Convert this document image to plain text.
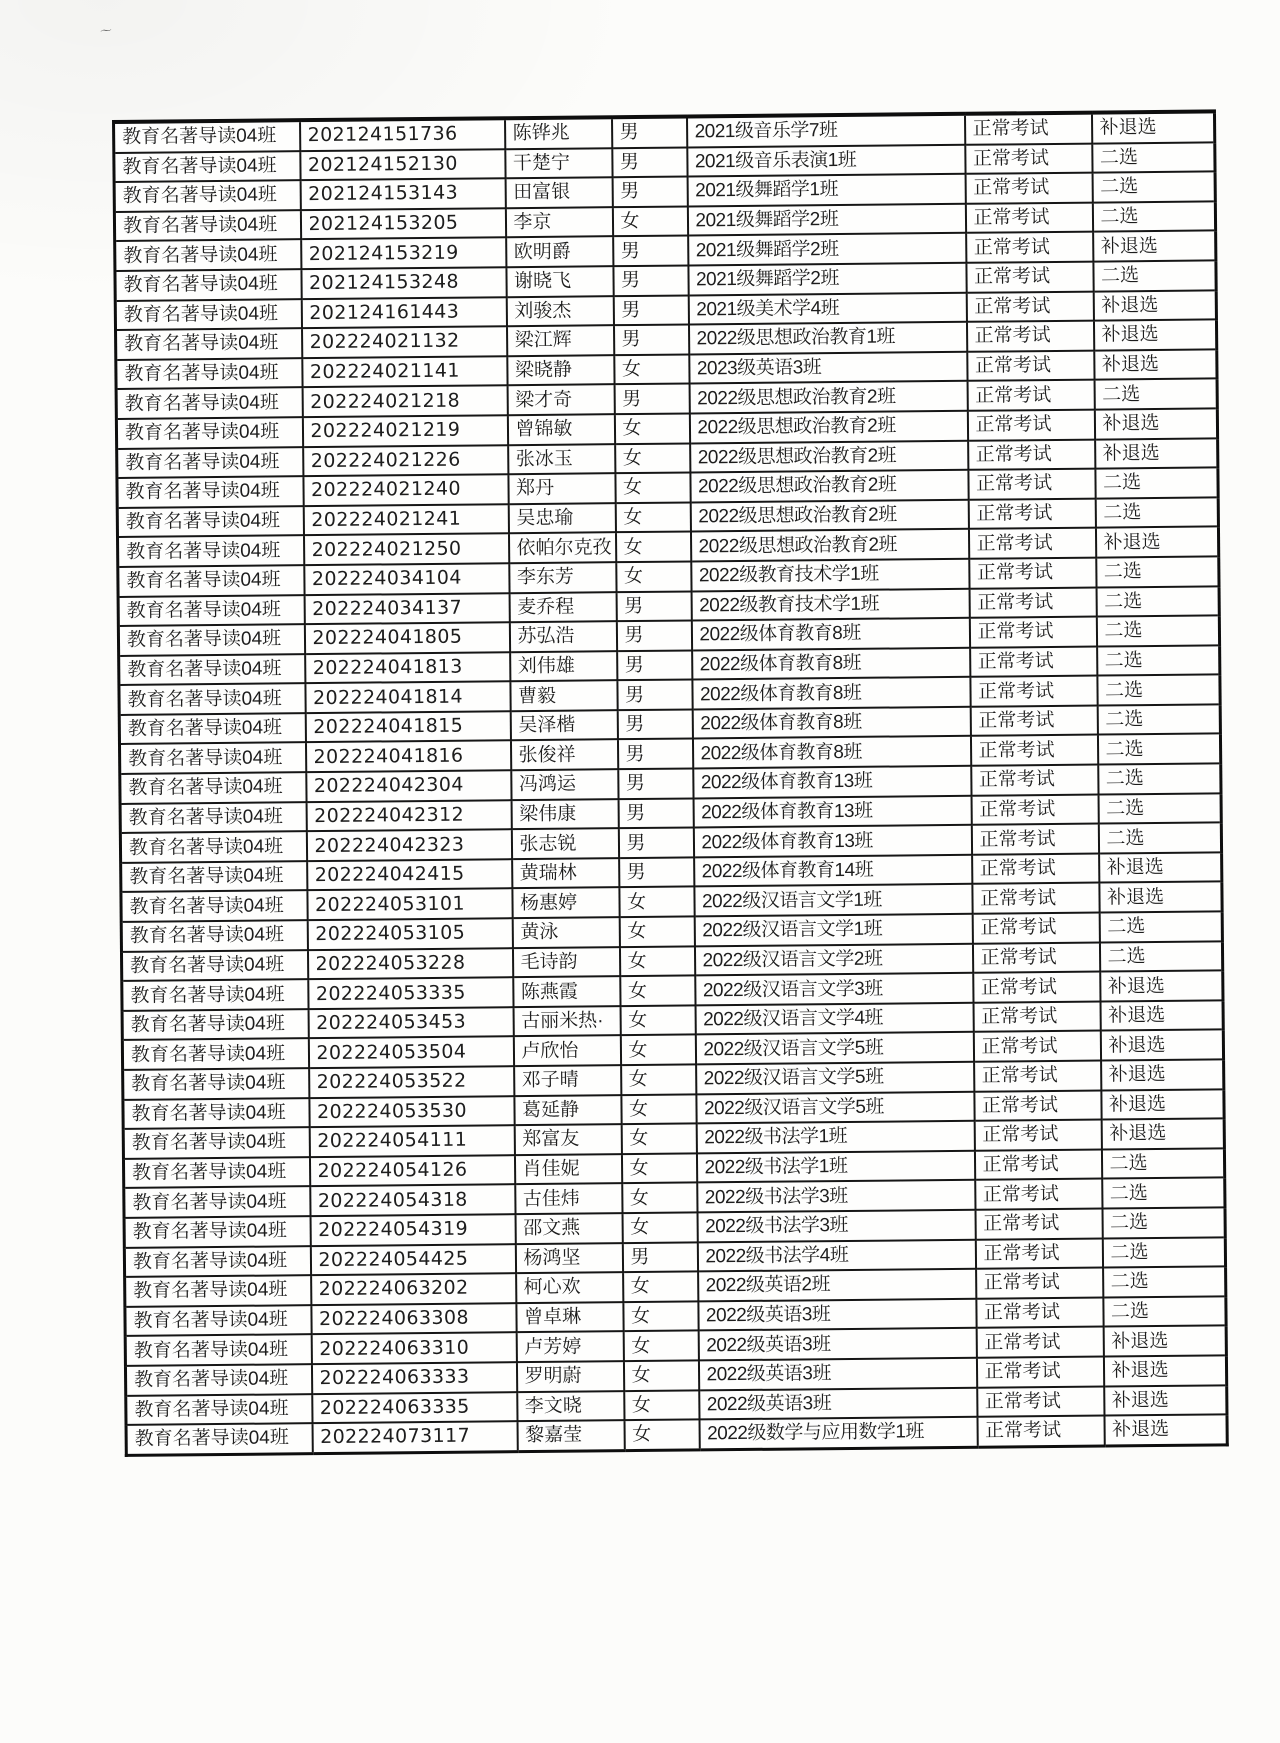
〜
教育名著导读04班	202124151736	陈铧兆	男	2021级音乐学7班	正常考试	补退选
教育名著导读04班	202124152130	干楚宁	男	2021级音乐表演1班	正常考试	二选
教育名著导读04班	202124153143	田富银	男	2021级舞蹈学1班	正常考试	二选
教育名著导读04班	202124153205	李京	女	2021级舞蹈学2班	正常考试	二选
教育名著导读04班	202124153219	欧明爵	男	2021级舞蹈学2班	正常考试	补退选
教育名著导读04班	202124153248	谢晓飞	男	2021级舞蹈学2班	正常考试	二选
教育名著导读04班	202124161443	刘骏杰	男	2021级美术学4班	正常考试	补退选
教育名著导读04班	202224021132	梁江辉	男	2022级思想政治教育1班	正常考试	补退选
教育名著导读04班	202224021141	梁晓静	女	2023级英语3班	正常考试	补退选
教育名著导读04班	202224021218	梁才奇	男	2022级思想政治教育2班	正常考试	二选
教育名著导读04班	202224021219	曾锦敏	女	2022级思想政治教育2班	正常考试	补退选
教育名著导读04班	202224021226	张冰玉	女	2022级思想政治教育2班	正常考试	补退选
教育名著导读04班	202224021240	郑丹	女	2022级思想政治教育2班	正常考试	二选
教育名著导读04班	202224021241	吴忠瑜	女	2022级思想政治教育2班	正常考试	二选
教育名著导读04班	202224021250	依帕尔克孜	女	2022级思想政治教育2班	正常考试	补退选
教育名著导读04班	202224034104	李东芳	女	2022级教育技术学1班	正常考试	二选
教育名著导读04班	202224034137	麦乔程	男	2022级教育技术学1班	正常考试	二选
教育名著导读04班	202224041805	苏弘浩	男	2022级体育教育8班	正常考试	二选
教育名著导读04班	202224041813	刘伟雄	男	2022级体育教育8班	正常考试	二选
教育名著导读04班	202224041814	曹毅	男	2022级体育教育8班	正常考试	二选
教育名著导读04班	202224041815	吴泽楷	男	2022级体育教育8班	正常考试	二选
教育名著导读04班	202224041816	张俊祥	男	2022级体育教育8班	正常考试	二选
教育名著导读04班	202224042304	冯鸿运	男	2022级体育教育13班	正常考试	二选
教育名著导读04班	202224042312	梁伟康	男	2022级体育教育13班	正常考试	二选
教育名著导读04班	202224042323	张志锐	男	2022级体育教育13班	正常考试	二选
教育名著导读04班	202224042415	黄瑞林	男	2022级体育教育14班	正常考试	补退选
教育名著导读04班	202224053101	杨惠婷	女	2022级汉语言文学1班	正常考试	补退选
教育名著导读04班	202224053105	黄泳	女	2022级汉语言文学1班	正常考试	二选
教育名著导读04班	202224053228	毛诗韵	女	2022级汉语言文学2班	正常考试	二选
教育名著导读04班	202224053335	陈燕霞	女	2022级汉语言文学3班	正常考试	补退选
教育名著导读04班	202224053453	古丽米热·	女	2022级汉语言文学4班	正常考试	补退选
教育名著导读04班	202224053504	卢欣怡	女	2022级汉语言文学5班	正常考试	补退选
教育名著导读04班	202224053522	邓子晴	女	2022级汉语言文学5班	正常考试	补退选
教育名著导读04班	202224053530	葛延静	女	2022级汉语言文学5班	正常考试	补退选
教育名著导读04班	202224054111	郑富友	女	2022级书法学1班	正常考试	补退选
教育名著导读04班	202224054126	肖佳妮	女	2022级书法学1班	正常考试	二选
教育名著导读04班	202224054318	古佳炜	女	2022级书法学3班	正常考试	二选
教育名著导读04班	202224054319	邵文燕	女	2022级书法学3班	正常考试	二选
教育名著导读04班	202224054425	杨鸿坚	男	2022级书法学4班	正常考试	二选
教育名著导读04班	202224063202	柯心欢	女	2022级英语2班	正常考试	二选
教育名著导读04班	202224063308	曾卓琳	女	2022级英语3班	正常考试	二选
教育名著导读04班	202224063310	卢芳婷	女	2022级英语3班	正常考试	补退选
教育名著导读04班	202224063333	罗明蔚	女	2022级英语3班	正常考试	补退选
教育名著导读04班	202224063335	李文晓	女	2022级英语3班	正常考试	补退选
教育名著导读04班	202224073117	黎嘉莹	女	2022级数学与应用数学1班	正常考试	补退选
